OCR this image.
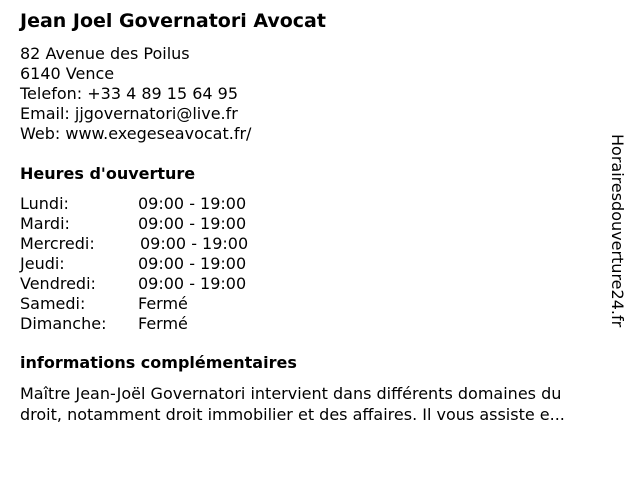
Jean Joel Governatori Avocat
82 Avenue des Poilus
6140 Vence
Telefon: +33 4 89 15 64 95
Email: jjgovernatori@live.fr
Web: www.exegeseavocat.fr/
Heures d'ouverture
Lundi:	09:00 - 19:00
Mardi:	09:00 - 19:00
Mercredi:	09:00 - 19:00
Jeudi:	09:00 - 19:00
Vendredi:	09:00 - 19:00
Samedi:	Fermé
Dimanche: Fermé
informations complémentaires
Maître Jean-Joël Governatori intervient dans différents domaines du
droit, notamment droit immobilier et des affaires. Il vous assiste e...
Horairesdouverture24.fr
